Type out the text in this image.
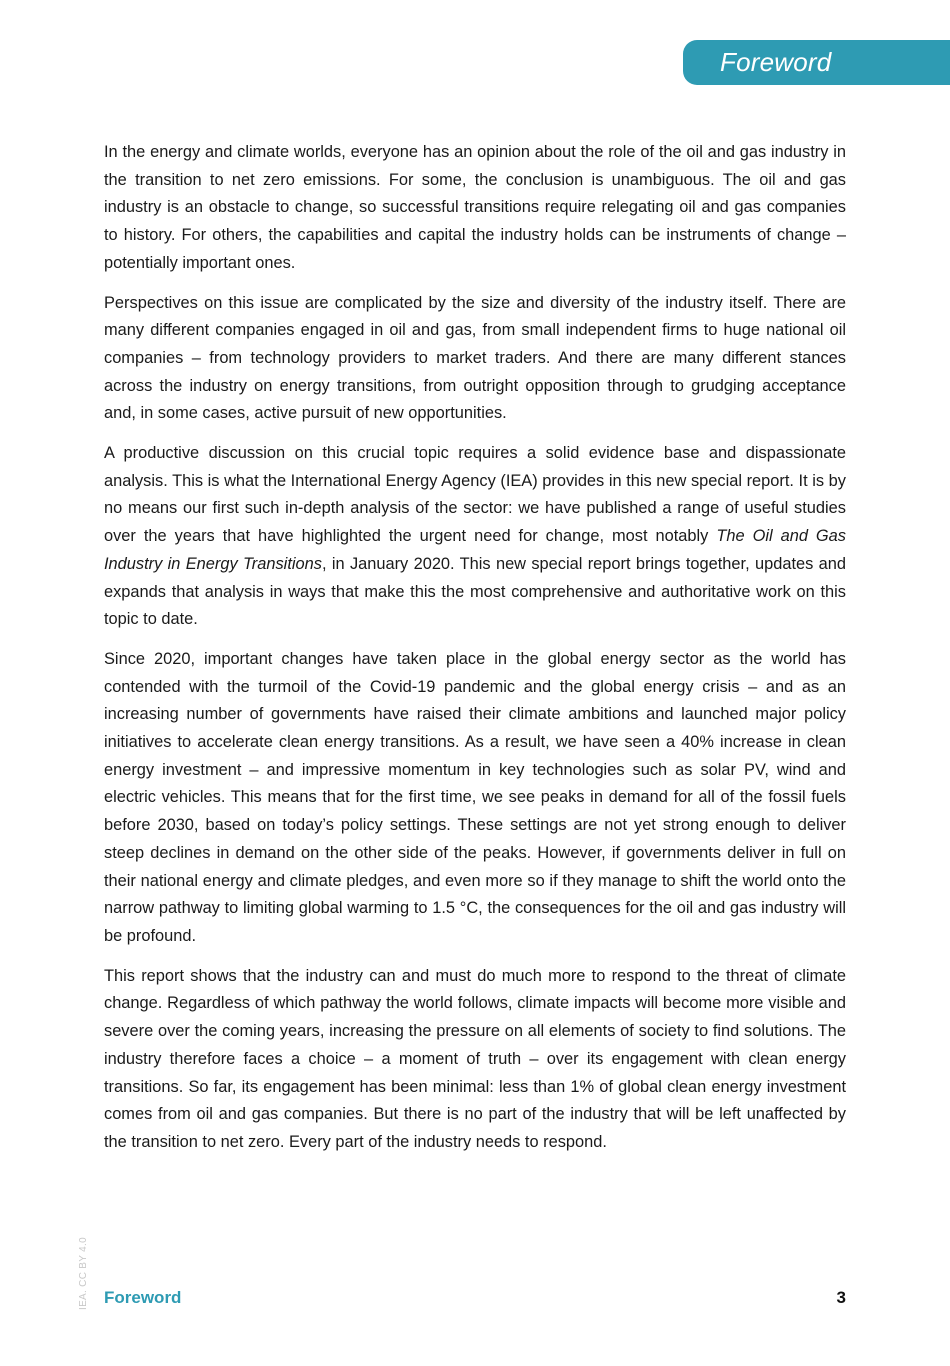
Foreword

In the energy and climate worlds, everyone has an opinion about the role of the oil and gas industry in the transition to net zero emissions. For some, the conclusion is unambiguous. The oil and gas industry is an obstacle to change, so successful transitions require relegating oil and gas companies to history. For others, the capabilities and capital the industry holds can be instruments of change – potentially important ones.

Perspectives on this issue are complicated by the size and diversity of the industry itself. There are many different companies engaged in oil and gas, from small independent firms to huge national oil companies – from technology providers to market traders. And there are many different stances across the industry on energy transitions, from outright opposition through to grudging acceptance and, in some cases, active pursuit of new opportunities.

A productive discussion on this crucial topic requires a solid evidence base and dispassionate analysis. This is what the International Energy Agency (IEA) provides in this new special report. It is by no means our first such in-depth analysis of the sector: we have published a range of useful studies over the years that have highlighted the urgent need for change, most notably The Oil and Gas Industry in Energy Transitions, in January 2020. This new special report brings together, updates and expands that analysis in ways that make this the most comprehensive and authoritative work on this topic to date.

Since 2020, important changes have taken place in the global energy sector as the world has contended with the turmoil of the Covid-19 pandemic and the global energy crisis – and as an increasing number of governments have raised their climate ambitions and launched major policy initiatives to accelerate clean energy transitions. As a result, we have seen a 40% increase in clean energy investment – and impressive momentum in key technologies such as solar PV, wind and electric vehicles. This means that for the first time, we see peaks in demand for all of the fossil fuels before 2030, based on today’s policy settings. These settings are not yet strong enough to deliver steep declines in demand on the other side of the peaks. However, if governments deliver in full on their national energy and climate pledges, and even more so if they manage to shift the world onto the narrow pathway to limiting global warming to 1.5 °C, the consequences for the oil and gas industry will be profound.

This report shows that the industry can and must do much more to respond to the threat of climate change. Regardless of which pathway the world follows, climate impacts will become more visible and severe over the coming years, increasing the pressure on all elements of society to find solutions. The industry therefore faces a choice – a moment of truth – over its engagement with clean energy transitions. So far, its engagement has been minimal: less than 1% of global clean energy investment comes from oil and gas companies. But there is no part of the industry that will be left unaffected by the transition to net zero. Every part of the industry needs to respond.

IEA. CC BY 4.0 Foreword	3
